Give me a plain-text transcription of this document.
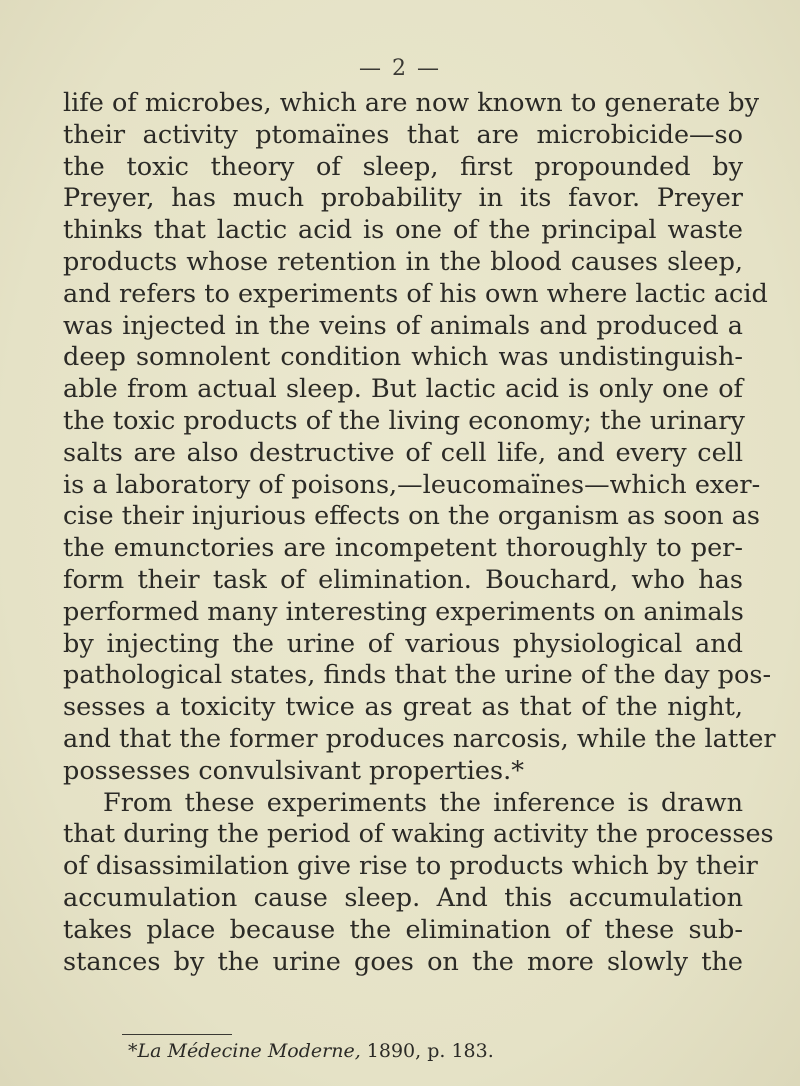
— 2 —
life of microbes, which are now known to generate by
their activity ptomaïnes that are microbicide—so
the toxic theory of sleep, first propounded by
Preyer, has much probability in its favor. Preyer
thinks that lactic acid is one of the principal waste
products whose retention in the blood causes sleep,
and refers to experiments of his own where lactic acid
was injected in the veins of animals and produced a
deep somnolent condition which was undistinguish-
able from actual sleep. But lactic acid is only one of
the toxic products of the living economy; the urinary
salts are also destructive of cell life, and every cell
is a laboratory of poisons,—leucomaïnes—which exer-
cise their injurious effects on the organism as soon as
the emunctories are incompetent thoroughly to per-
form their task of elimination. Bouchard, who has
performed many interesting experiments on animals
by injecting the urine of various physiological and
pathological states, finds that the urine of the day pos-
sesses a toxicity twice as great as that of the night,
and that the former produces narcosis, while the latter
possesses convulsivant properties.*
From these experiments the inference is drawn
that during the period of waking activity the processes
of disassimilation give rise to products which by their
accumulation cause sleep. And this accumulation
takes place because the elimination of these sub-
stances by the urine goes on the more slowly the
*La Médecine Moderne, 1890, p. 183.
